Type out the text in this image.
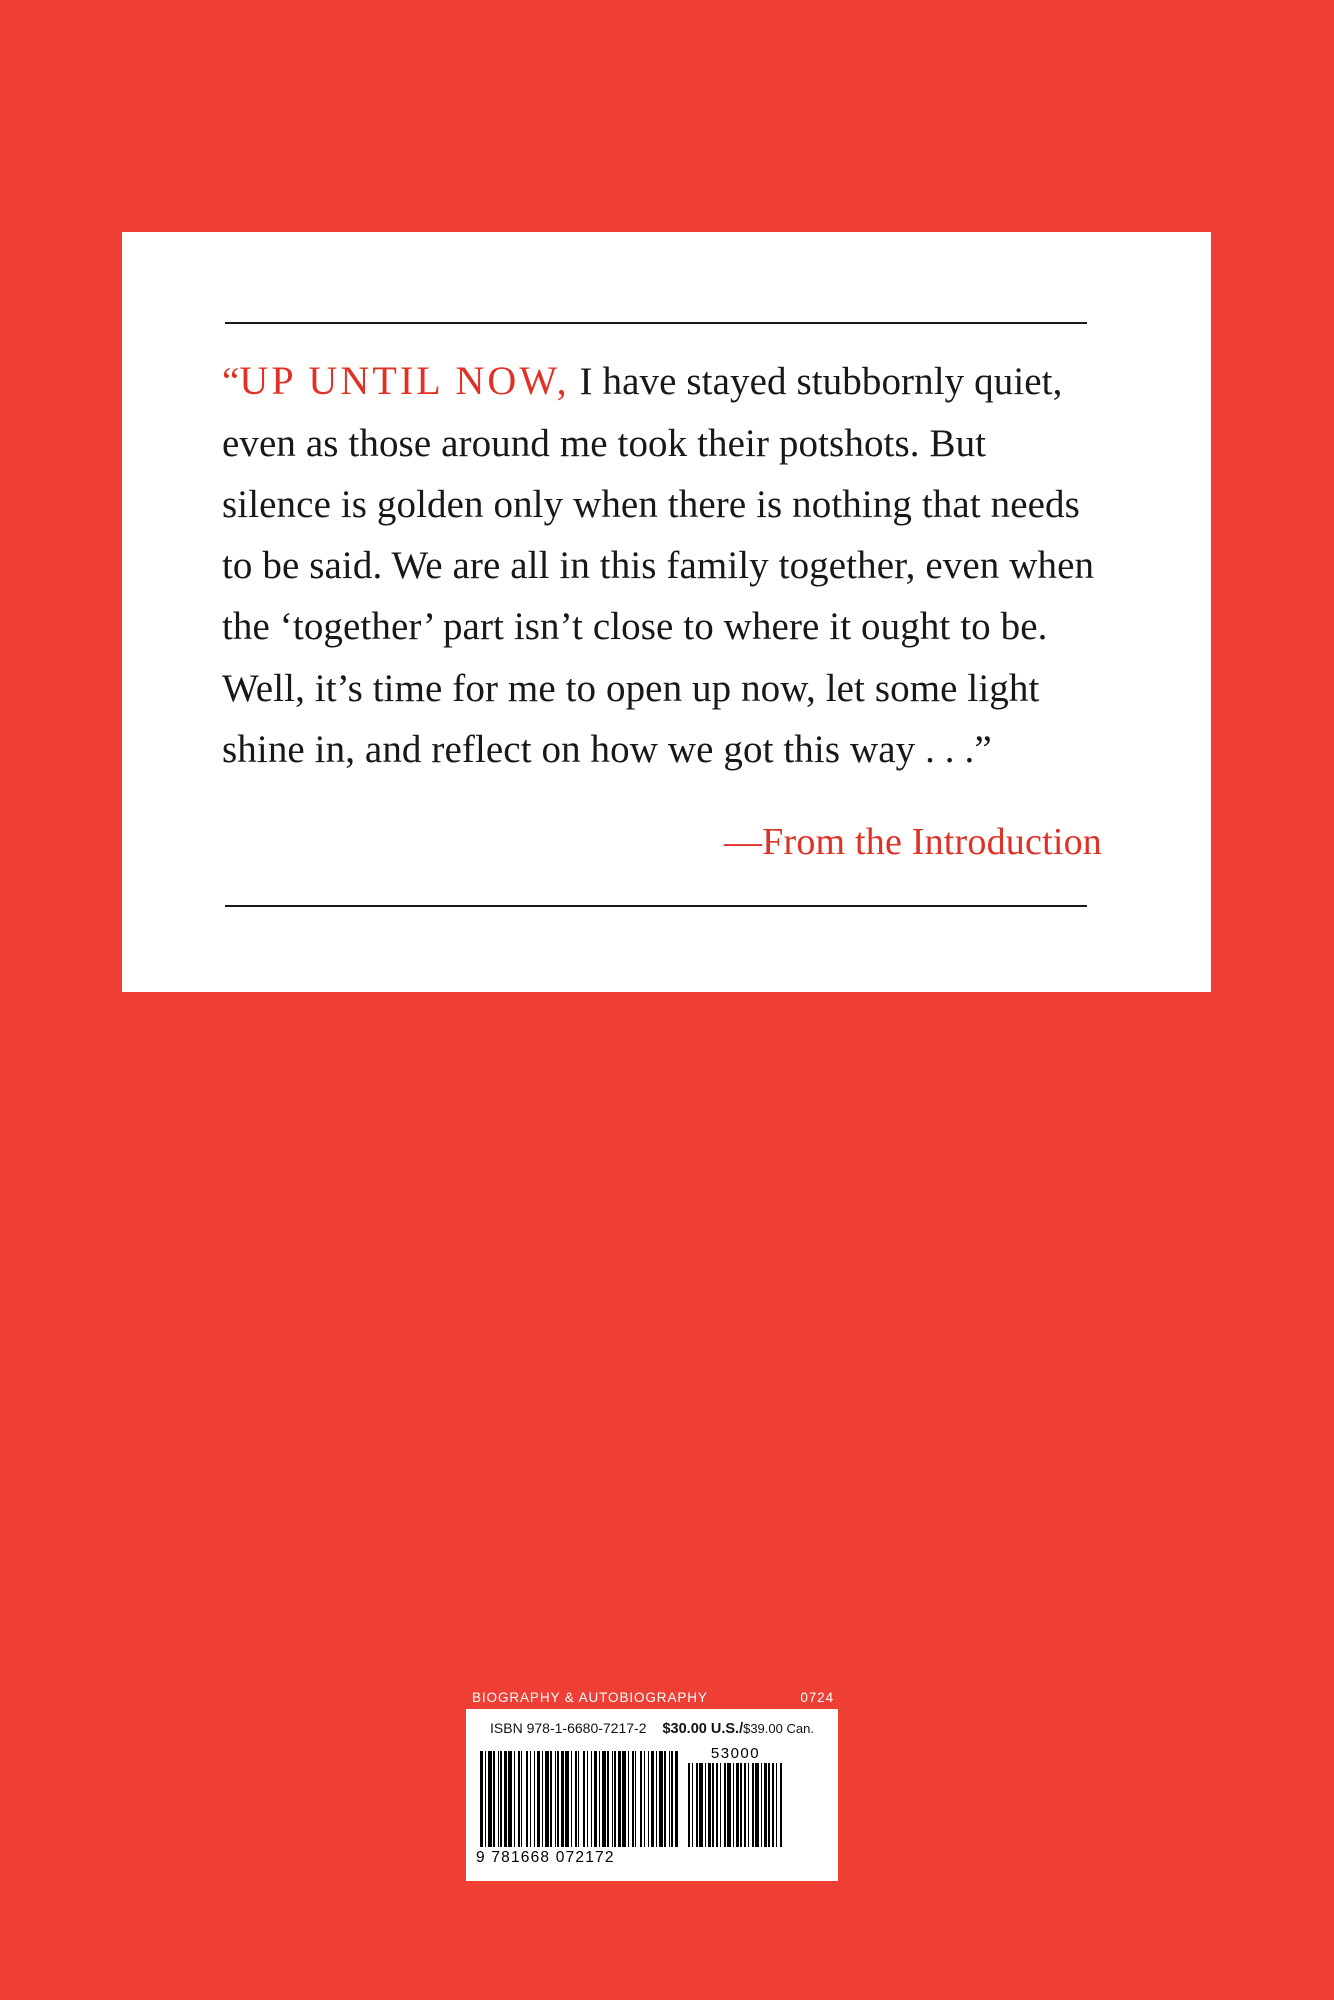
“UP UNTIL NOW, I have stayed stubbornly quiet, even as those around me took their potshots. But silence is golden only when there is nothing that needs to be said. We are all in this family together, even when the ‘together’ part isn’t close to where it ought to be. Well, it’s time for me to open up now, let some light shine in, and reflect on how we got this way . . .”
—From the Introduction
BIOGRAPHY & AUTOBIOGRAPHY	0724
ISBN 978-1-6680-7217-2 $30.00 U.S./$39.00 Can.
53000
9 781668 072172
